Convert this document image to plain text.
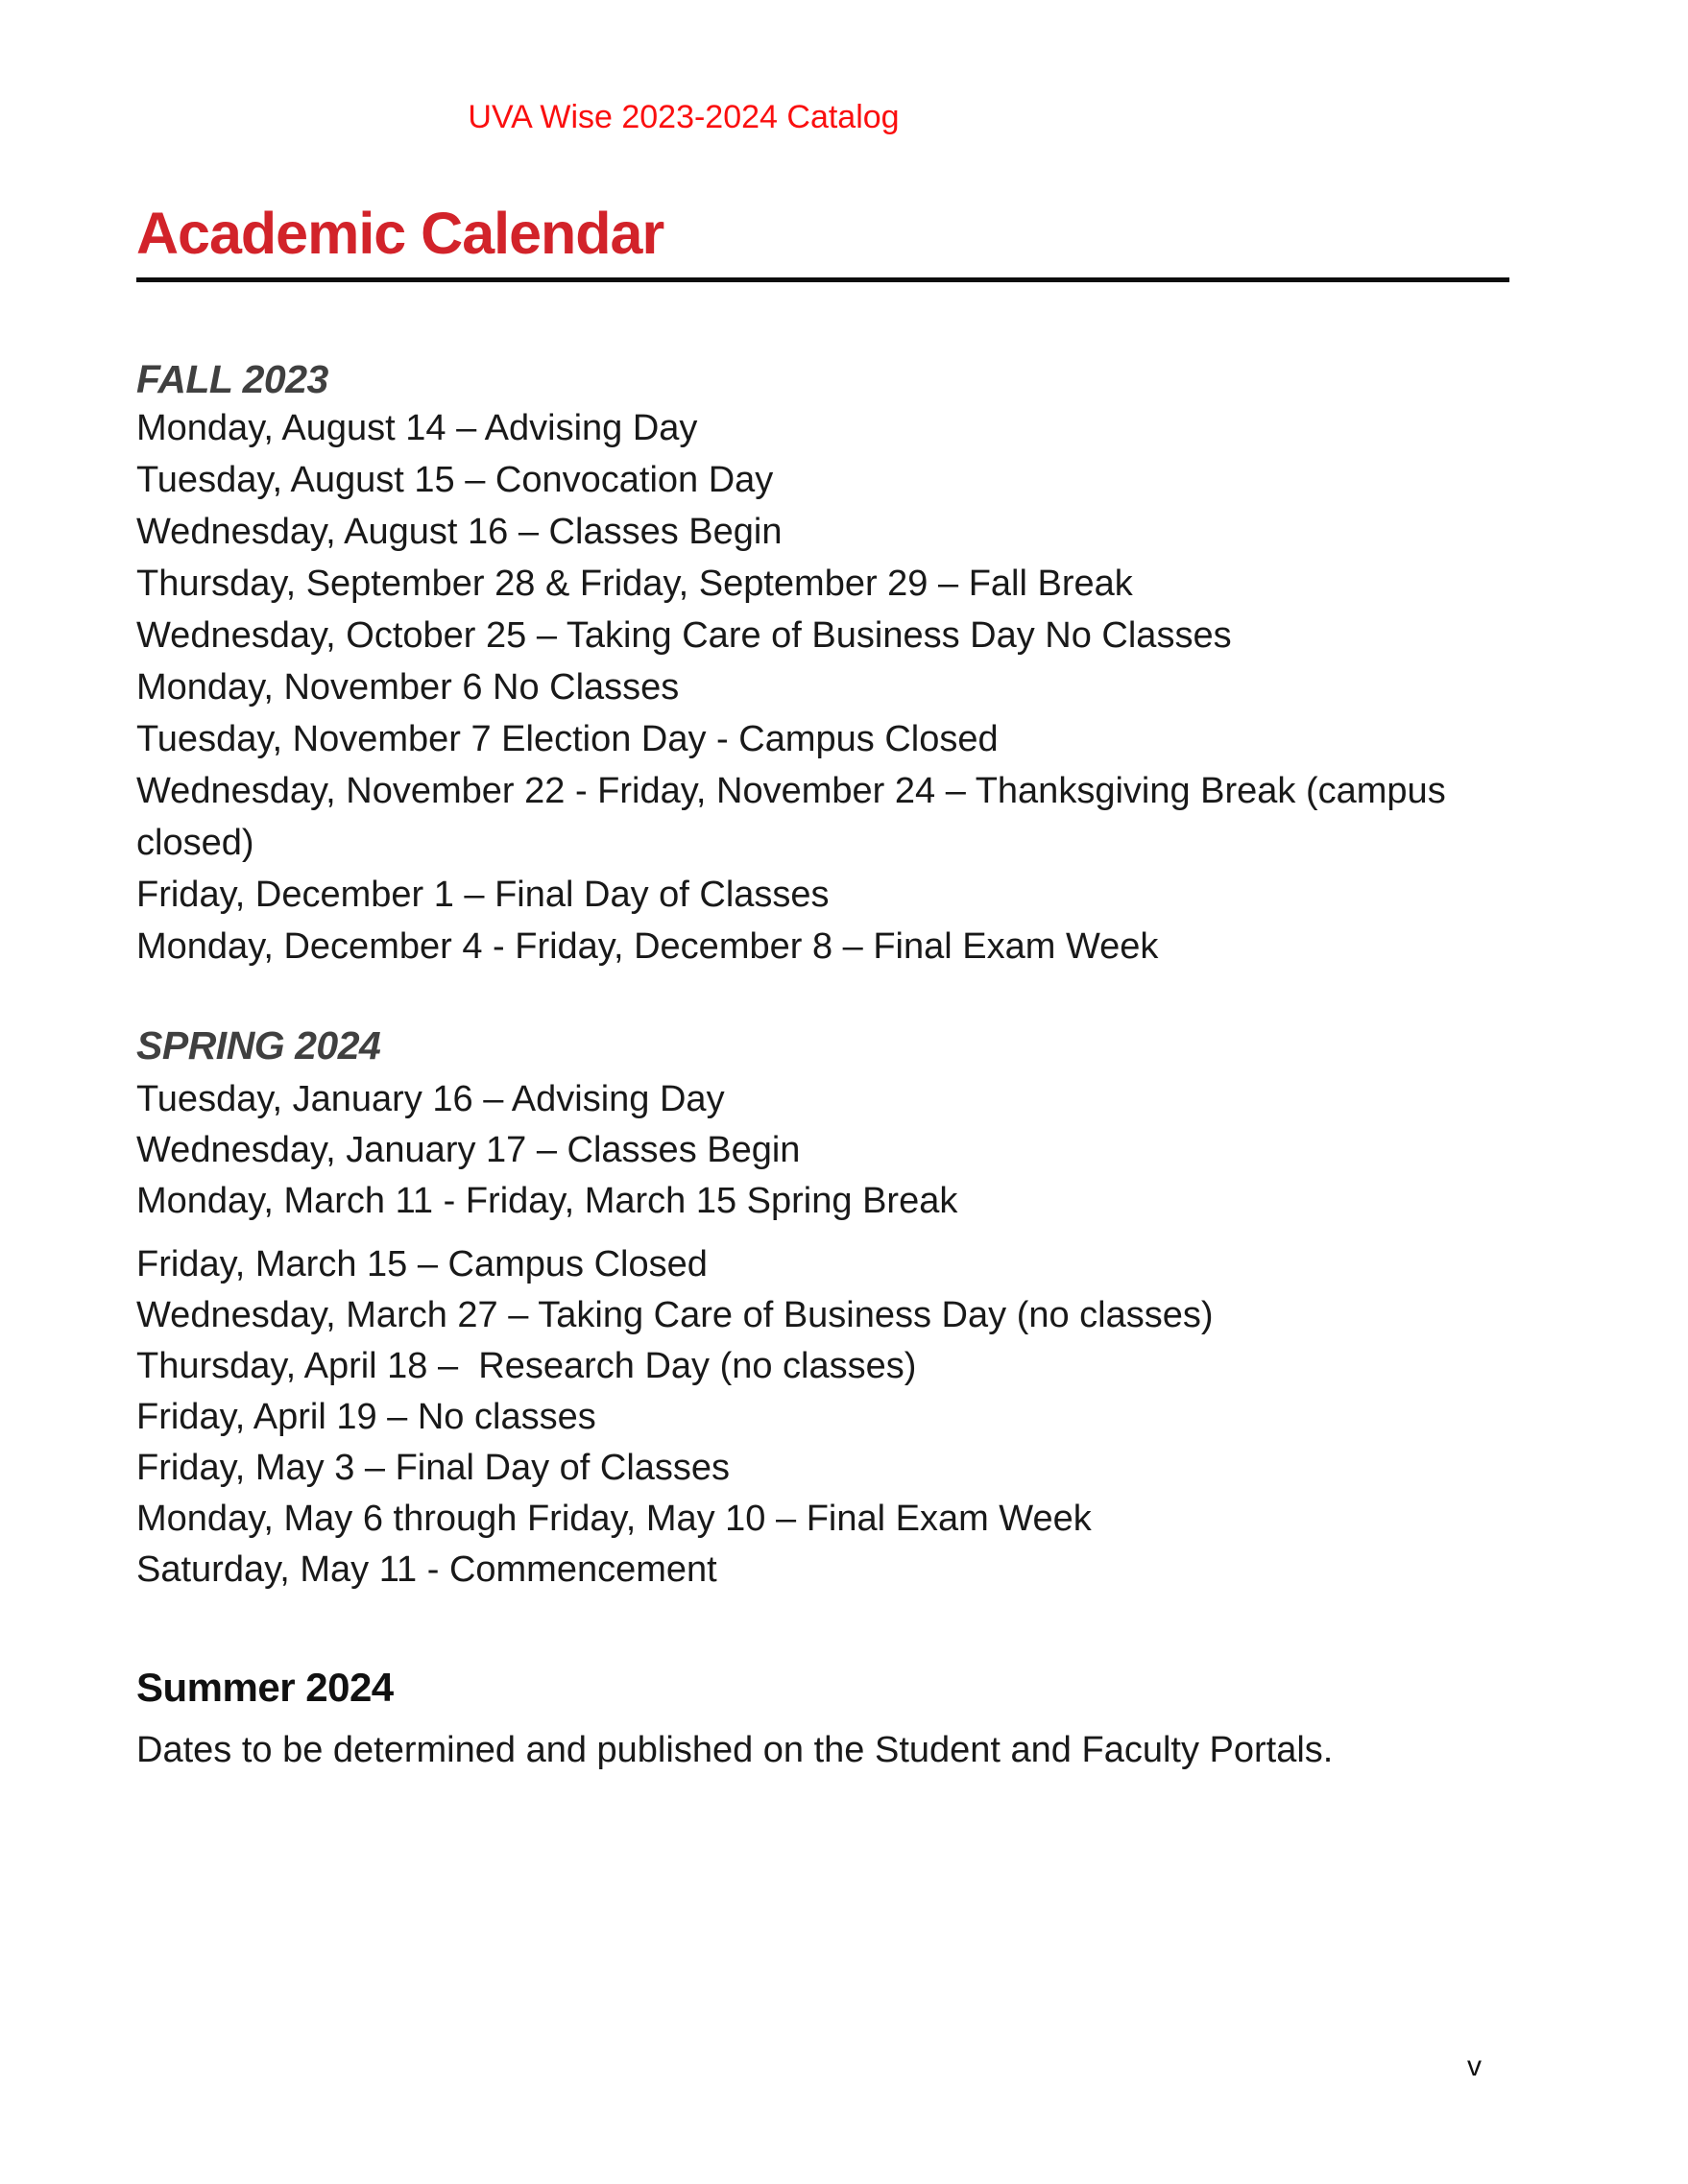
UVA Wise 2023-2024 Catalog
Academic Calendar
FALL 2023
Monday, August 14 – Advising Day
Tuesday, August 15 – Convocation Day
Wednesday, August 16 – Classes Begin
Thursday, September 28 & Friday, September 29 – Fall Break
Wednesday, October 25 – Taking Care of Business Day No Classes
Monday, November 6 No Classes
Tuesday, November 7 Election Day - Campus Closed
Wednesday, November 22 - Friday, November 24 – Thanksgiving Break (campus closed)
Friday, December 1 – Final Day of Classes
Monday, December 4 - Friday, December 8 – Final Exam Week
SPRING 2024
Tuesday, January 16 – Advising Day
Wednesday, January 17 – Classes Begin
Monday, March 11 - Friday, March 15 Spring Break
Friday, March 15 – Campus Closed
Wednesday, March 27 – Taking Care of Business Day (no classes)
Thursday, April 18 –  Research Day (no classes)
Friday, April 19 – No classes
Friday, May 3 – Final Day of Classes
Monday, May 6 through Friday, May 10 – Final Exam Week
Saturday, May 11 - Commencement
Summer 2024
Dates to be determined and published on the Student and Faculty Portals.
v
